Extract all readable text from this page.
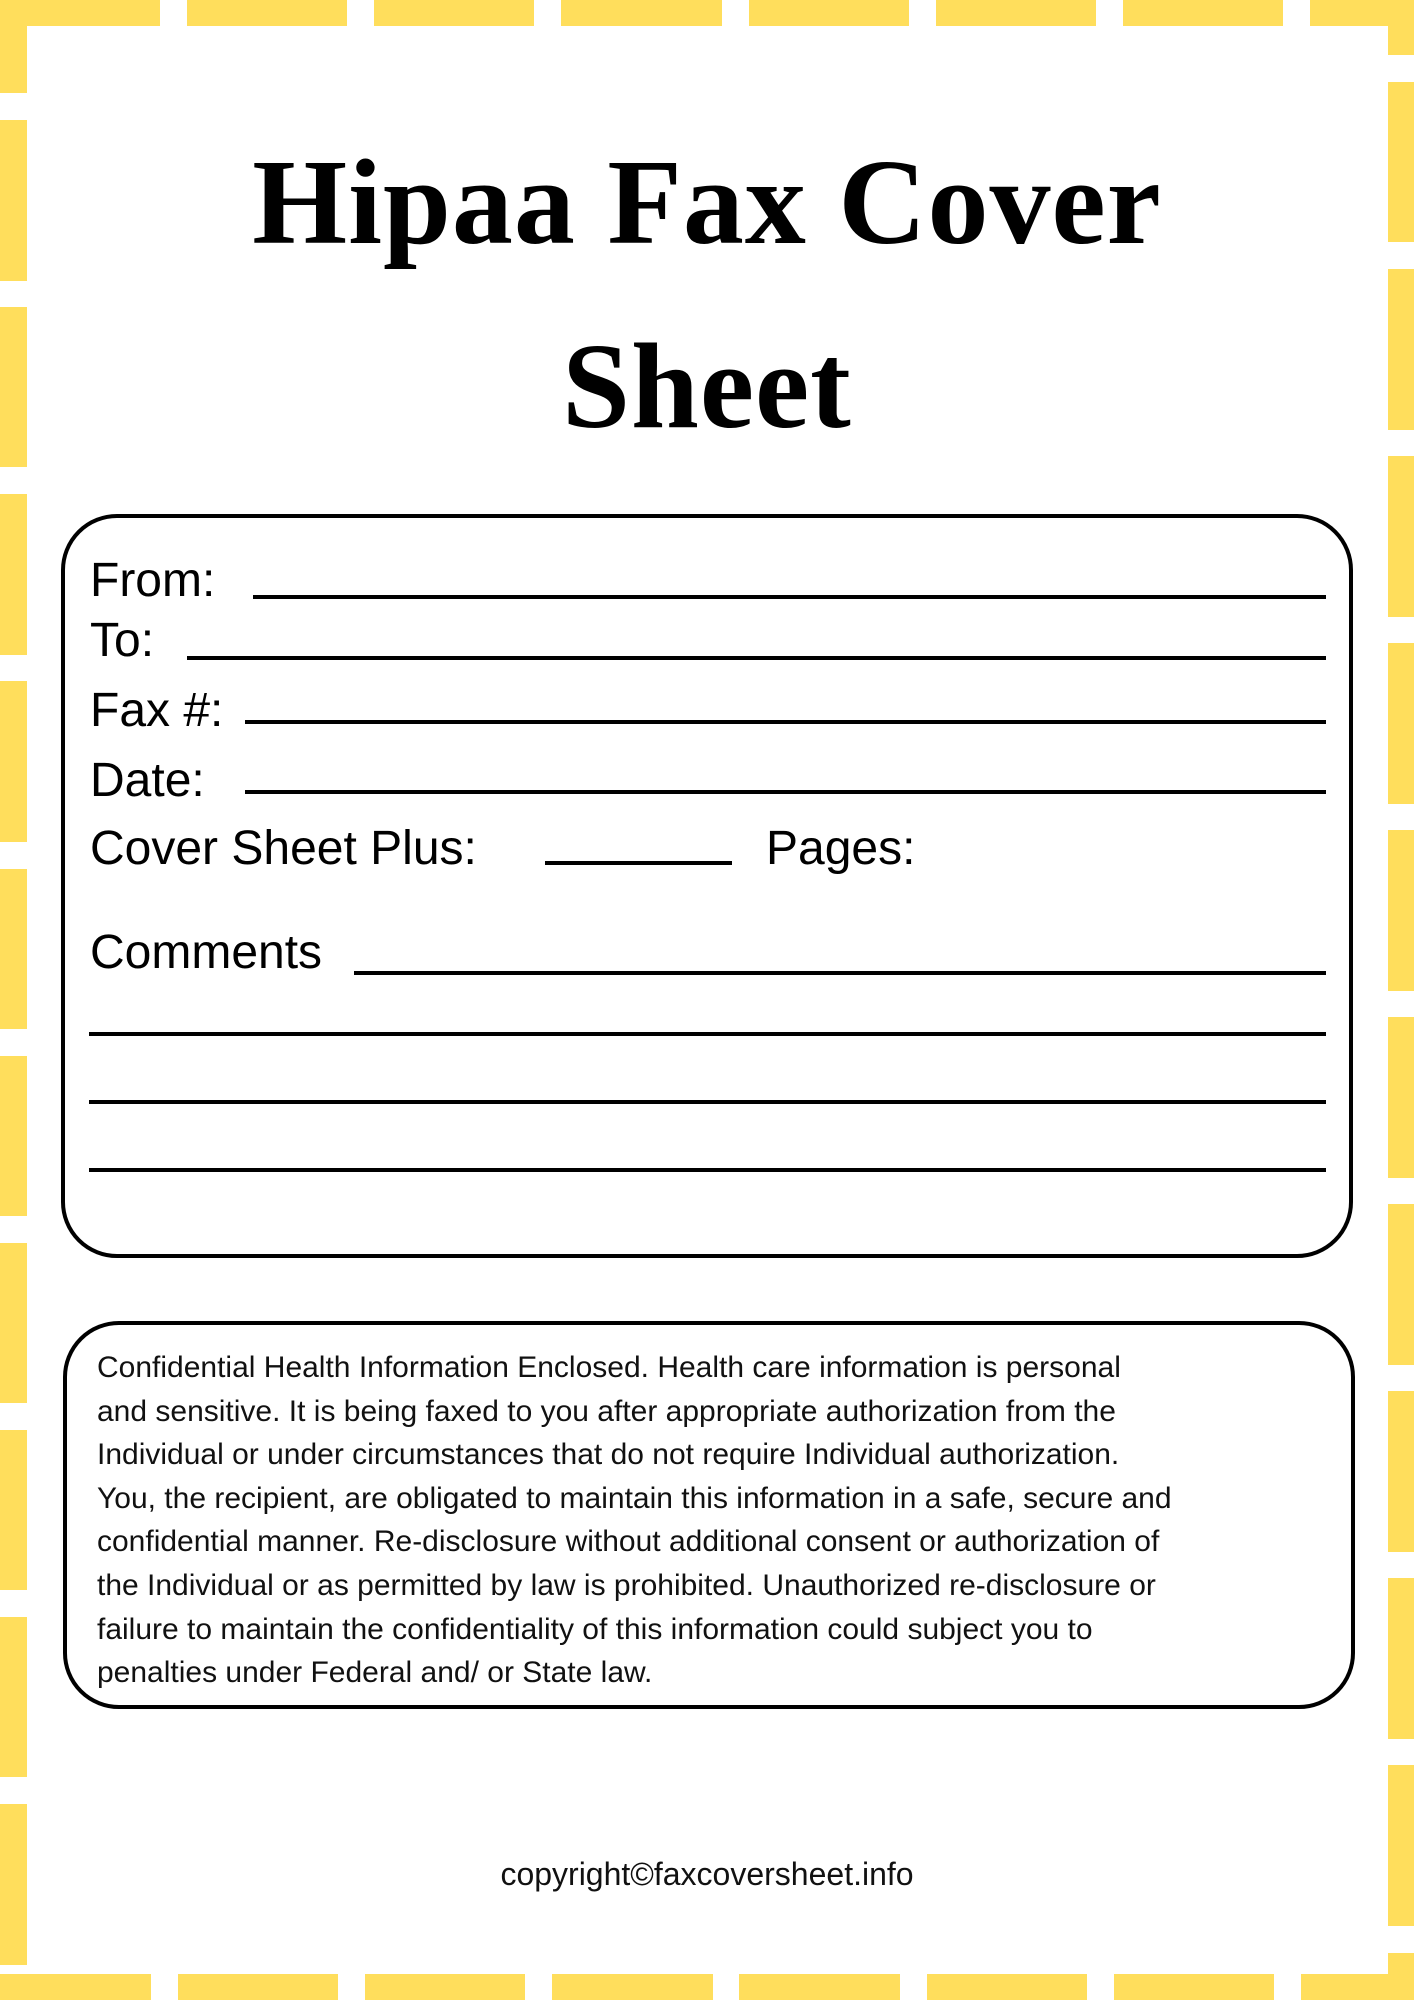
Hipaa Fax Cover
Sheet
From:
To:
Fax #:
Date:
Cover Sheet Plus:	Pages:
Comments
Confidential Health Information Enclosed. Health care information is personal
and sensitive. It is being faxed to you after appropriate authorization from the
Individual or under circumstances that do not require Individual authorization.
You, the recipient, are obligated to maintain this information in a safe, secure and
confidential manner. Re-disclosure without additional consent or authorization of
the Individual or as permitted by law is prohibited. Unauthorized re-disclosure or
failure to maintain the confidentiality of this information could subject you to
penalties under Federal and/ or State law.
copyright©faxcoversheet.info
